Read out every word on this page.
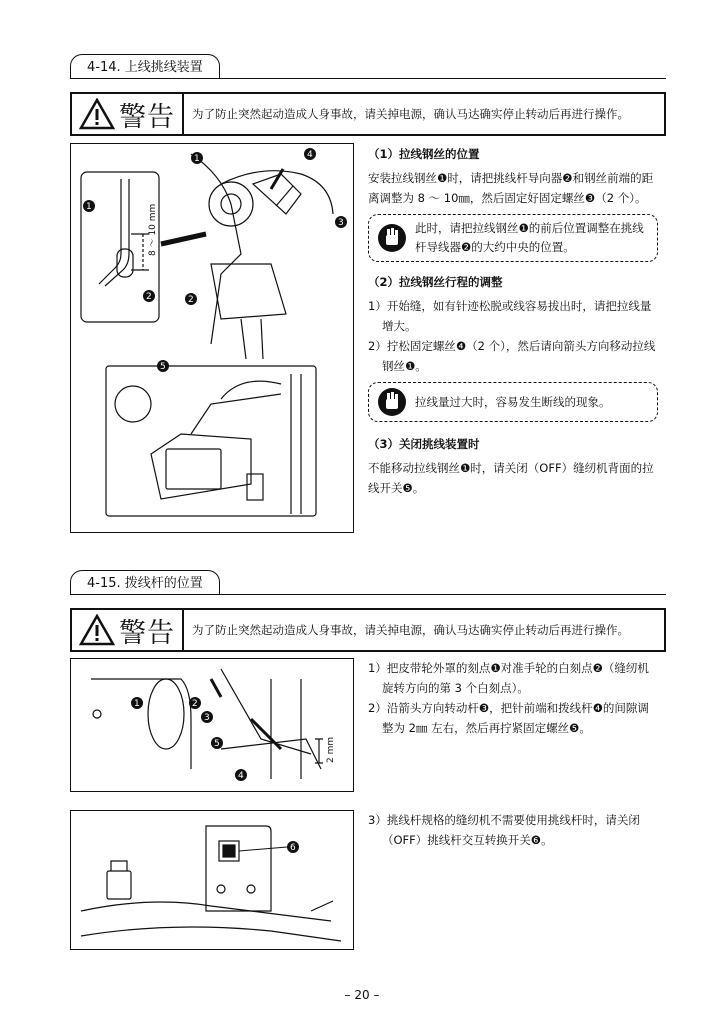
4-14. 上线挑线装置
警告	为了防止突然起动造成人身事故，请关掉电源，确认马达确实停止转动后再进行操作。
1	4
3
1
2	2
5
8 ～ 10 mm
（1）拉线钢丝的位置

安装拉线钢丝❶时，请把挑线杆导向器❷和钢丝前端的距离调整为 8 ～ 10㎜，然后固定好固定螺丝❸（2 个）。

此时，请把拉线钢丝❶的前后位置调整在挑线杆导线器❷的大约中央的位置。
（2）拉线钢丝行程的调整

1）开始缝，如有针迹松脱或线容易拔出时，请把拉线量增大。

2）拧松固定螺丝❹（2 个），然后请向箭头方向移动拉线钢丝❶。

拉线量过大时，容易发生断线的现象。
（3）关闭挑线装置时

不能移动拉线钢丝❶时，请关闭（OFF）缝纫机背面的拉线开关❺。

4-15. 拨线杆的位置
警告	为了防止突然起动造成人身事故，请关掉电源，确认马达确实停止转动后再进行操作。
1	2
3
5
4
2 mm

1）把皮带轮外罩的刻点❶对准手轮的白刻点❷（缝纫机旋转方向的第 3 个白刻点）。

2）沿箭头方向转动杆❸，把针前端和拨线杆❹的间隙调整为 2㎜ 左右，然后再拧紧固定螺丝❺。

6

3）挑线杆规格的缝纫机不需要使用挑线杆时，请关闭（OFF）挑线杆交互转换开关❻。

– 20 –
